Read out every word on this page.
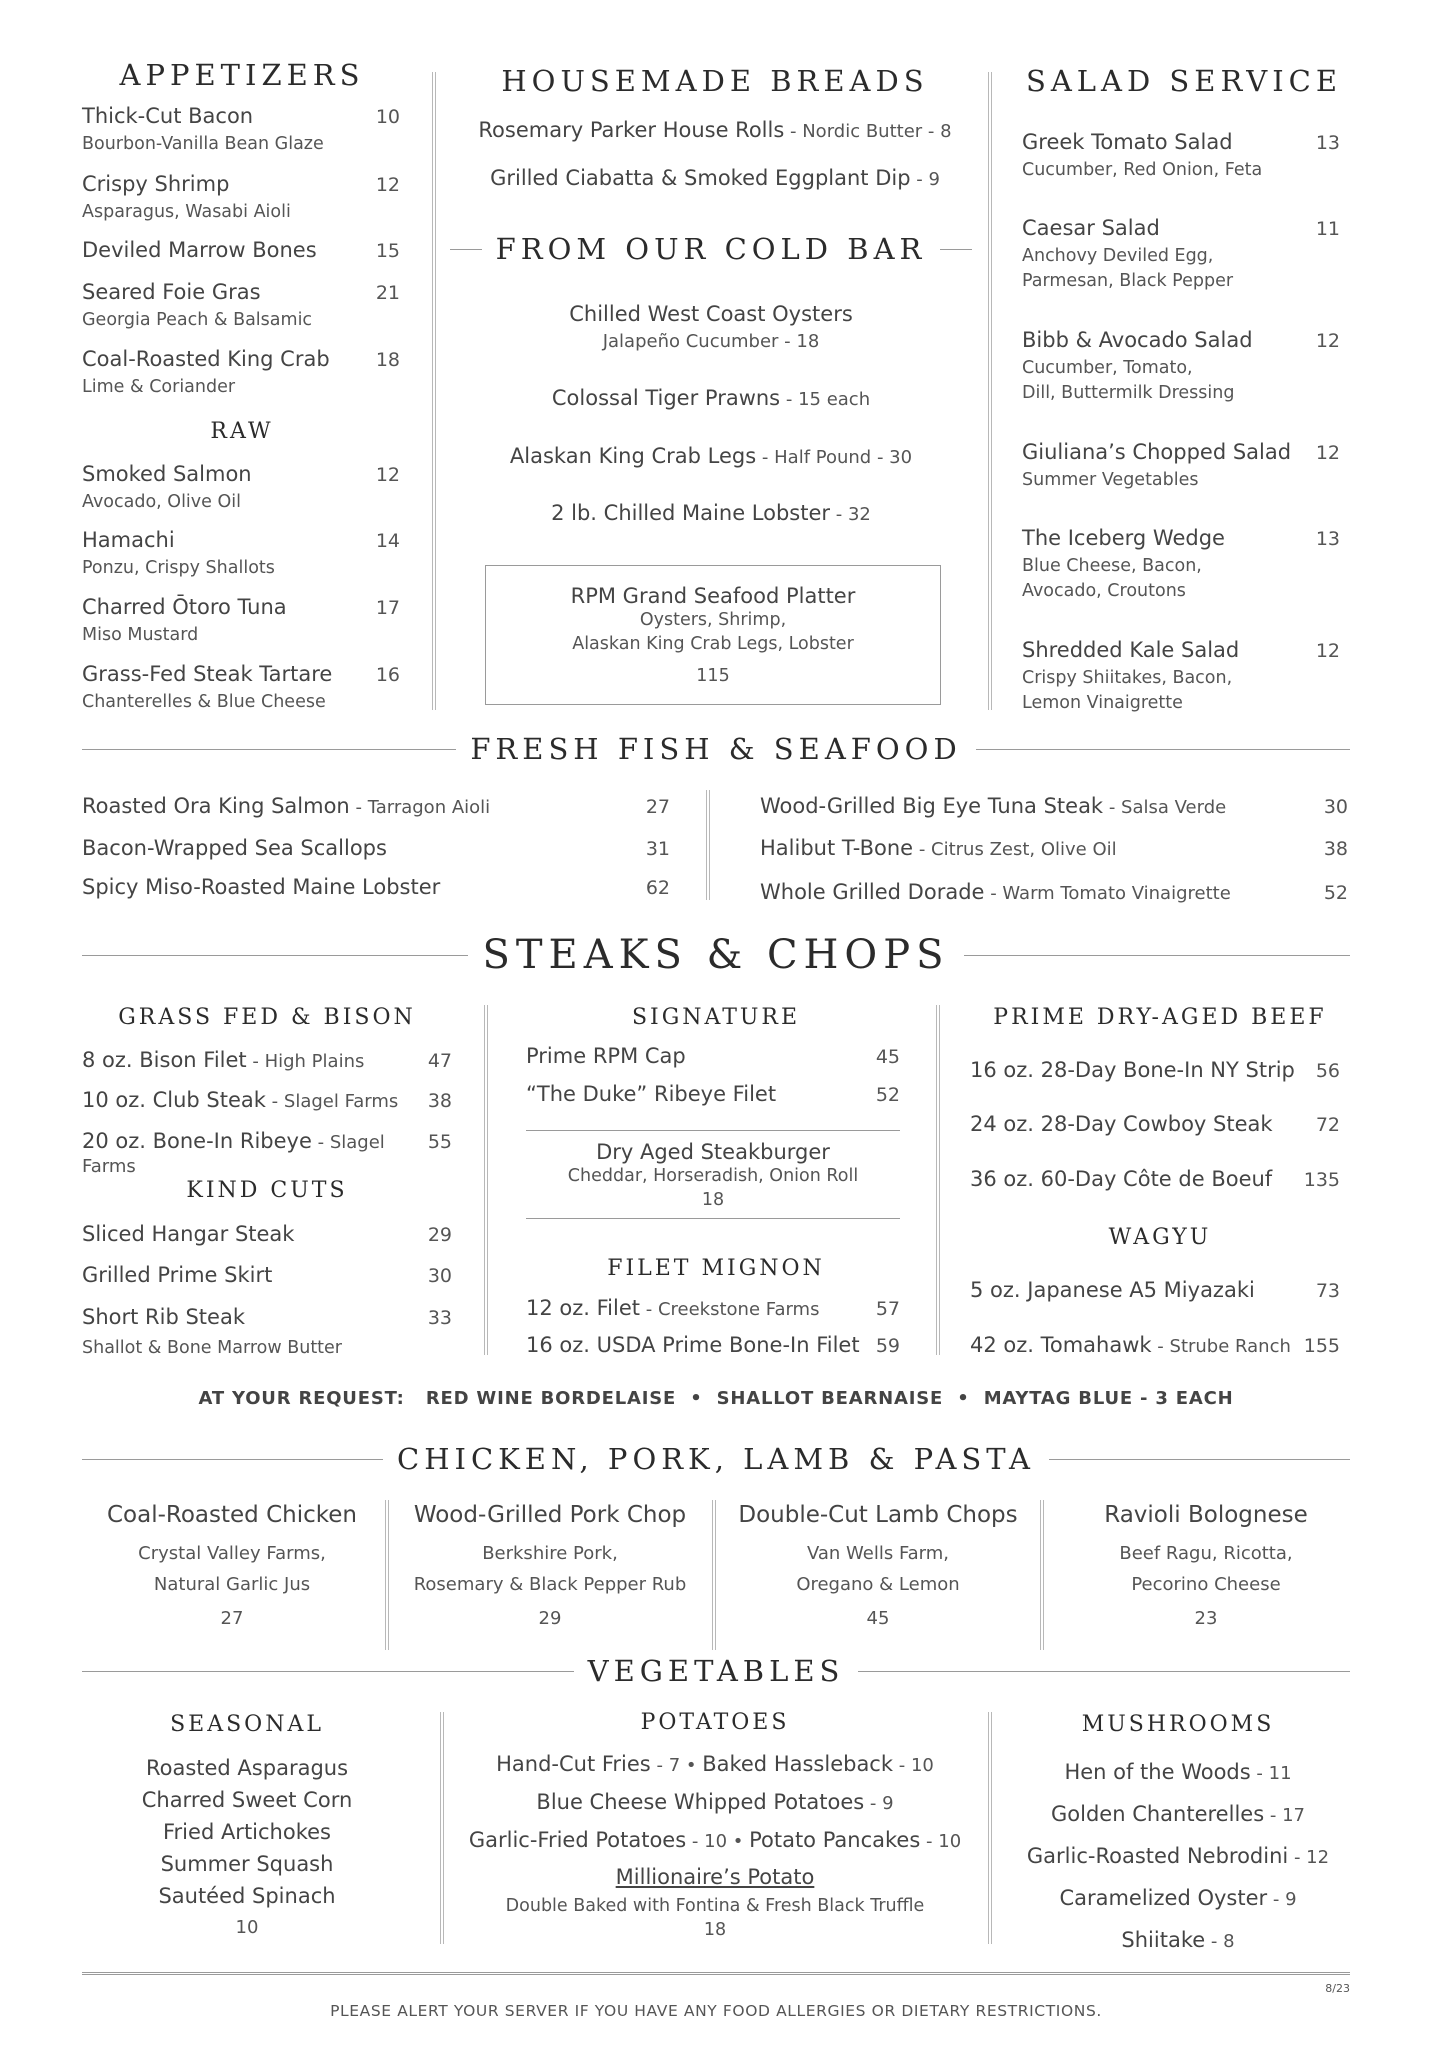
APPETIZERS
Thick-Cut Bacon	10
Bourbon-Vanilla Bean Glaze
Crispy Shrimp	12
Asparagus, Wasabi Aioli
Deviled Marrow Bones	15
Seared Foie Gras	21
Georgia Peach & Balsamic
Coal-Roasted King Crab 18
Lime & Coriander
RAW
Smoked Salmon	12
Avocado, Olive Oil
Hamachi	14
Ponzu, Crispy Shallots
Charred Ōtoro Tuna	17
Miso Mustard
Grass-Fed Steak Tartare 16
Chanterelles & Blue Cheese
HOUSEMADE BREADS
Rosemary Parker House Rolls - Nordic Butter - 8
Grilled Ciabatta & Smoked Eggplant Dip - 9
FROM OUR COLD BAR
Chilled West Coast Oysters
Jalapeño Cucumber - 18
Colossal Tiger Prawns - 15 each
Alaskan King Crab Legs - Half Pound - 30
2 lb. Chilled Maine Lobster - 32
RPM Grand Seafood Platter
Oysters, Shrimp,
Alaskan King Crab Legs, Lobster
115
SALAD SERVICE
Greek Tomato Salad	13
Cucumber, Red Onion, Feta
Caesar Salad	11
Anchovy Deviled Egg,
Parmesan, Black Pepper
Bibb & Avocado Salad	12
Cucumber, Tomato,
Dill, Buttermilk Dressing
Giuliana’s Chopped Salad 12
Summer Vegetables
The Iceberg Wedge	13
Blue Cheese, Bacon,
Avocado, Croutons
Shredded Kale Salad	12
Crispy Shiitakes, Bacon,
Lemon Vinaigrette
FRESH FISH & SEAFOOD
Roasted Ora King Salmon - Tarragon Aioli	27
Bacon-Wrapped Sea Scallops	31
Spicy Miso-Roasted Maine Lobster	62
Wood-Grilled Big Eye Tuna Steak - Salsa Verde	30
Halibut T-Bone - Citrus Zest, Olive Oil	38
Whole Grilled Dorade - Warm Tomato Vinaigrette	52
STEAKS & CHOPS
GRASS FED & BISON
8 oz. Bison Filet - High Plains	47
10 oz. Club Steak - Slagel Farms 38
20 oz. Bone-In Ribeye - Slagel Farms
55
KIND CUTS
Sliced Hangar Steak	29
Grilled Prime Skirt	30
Short Rib Steak	33
Shallot & Bone Marrow Butter
SIGNATURE
Prime RPM Cap	45
“The Duke” Ribeye Filet	52
Dry Aged Steakburger
Cheddar, Horseradish, Onion Roll
18
FILET MIGNON
12 oz. Filet - Creekstone Farms	57
16 oz. USDA Prime Bone-In Filet 59
PRIME DRY-AGED BEEF
16 oz. 28-Day Bone-In NY Strip 56
24 oz. 28-Day Cowboy Steak 72
36 oz. 60-Day Côte de Boeuf 135
WAGYU
5 oz. Japanese A5 Miyazaki	73
42 oz. Tomahawk - Strube Ranch 155
AT YOUR REQUEST:   RED WINE BORDELAISE  •  SHALLOT BEARNAISE  •  MAYTAG BLUE - 3 EACH
CHICKEN, PORK, LAMB & PASTA
Coal-Roasted Chicken
Crystal Valley Farms,
Natural Garlic Jus
27
Wood-Grilled Pork Chop
Berkshire Pork,
Rosemary & Black Pepper Rub
29
Double-Cut Lamb Chops
Van Wells Farm,
Oregano & Lemon
45
Ravioli Bolognese
Beef Ragu, Ricotta,
Pecorino Cheese
23
VEGETABLES
SEASONAL
Roasted Asparagus
Charred Sweet Corn
Fried Artichokes
Summer Squash
Sautéed Spinach
10
POTATOES
Hand-Cut Fries - 7 • Baked Hassleback - 10
Blue Cheese Whipped Potatoes - 9
Garlic-Fried Potatoes - 10 • Potato Pancakes - 10
Millionaire’s Potato
Double Baked with Fontina & Fresh Black Truffle
18
MUSHROOMS
Hen of the Woods - 11
Golden Chanterelles - 17
Garlic-Roasted Nebrodini - 12
Caramelized Oyster - 9
Shiitake - 8
8/23
PLEASE ALERT YOUR SERVER IF YOU HAVE ANY FOOD ALLERGIES OR DIETARY RESTRICTIONS.
